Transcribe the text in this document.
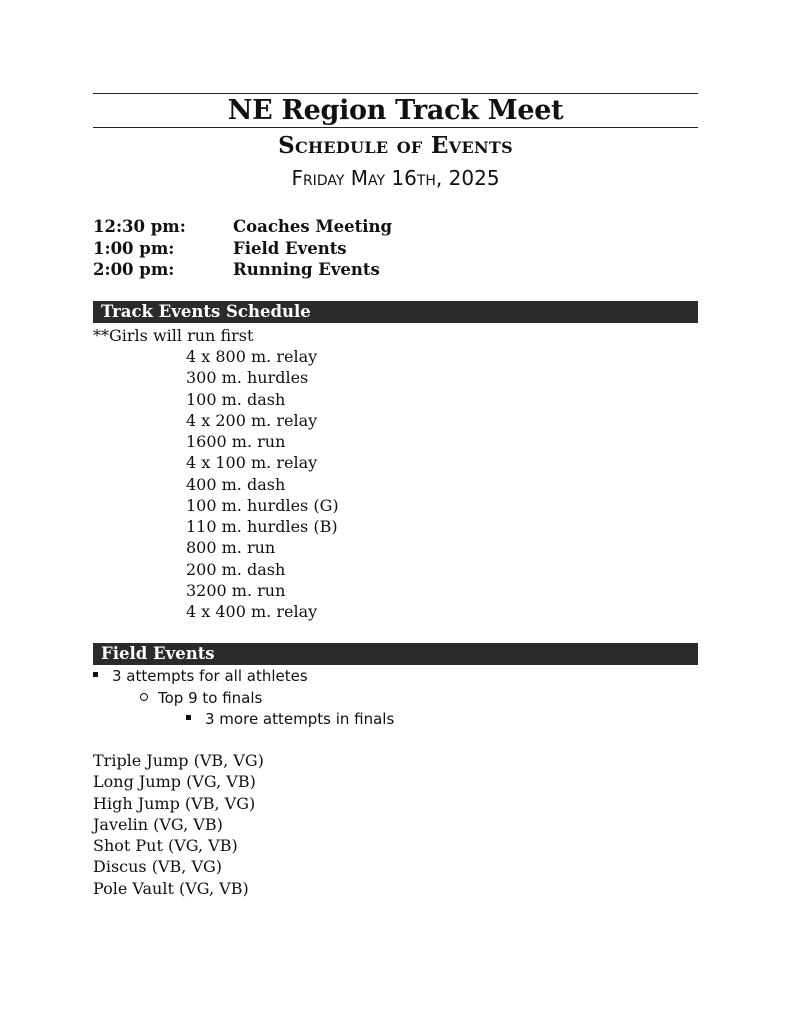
NE Region Track Meet
Schedule of Events
Friday May 16th, 2025
12:30 pm:	Coaches Meeting
1:00 pm:	Field Events
2:00 pm:	Running Events
Track Events Schedule
**Girls will run first
4 x 800 m. relay
300 m. hurdles
100 m. dash
4 x 200 m. relay
1600 m. run
4 x 100 m. relay
400 m. dash
100 m. hurdles (G)
110 m. hurdles (B)
800 m. run
200 m. dash
3200 m. run
4 x 400 m. relay
Field Events
3 attempts for all athletes
Top 9 to finals
3 more attempts in finals
Triple Jump (VB, VG)
Long Jump (VG, VB)
High Jump (VB, VG)
Javelin (VG, VB)
Shot Put (VG, VB)
Discus (VB, VG)
Pole Vault (VG, VB)
